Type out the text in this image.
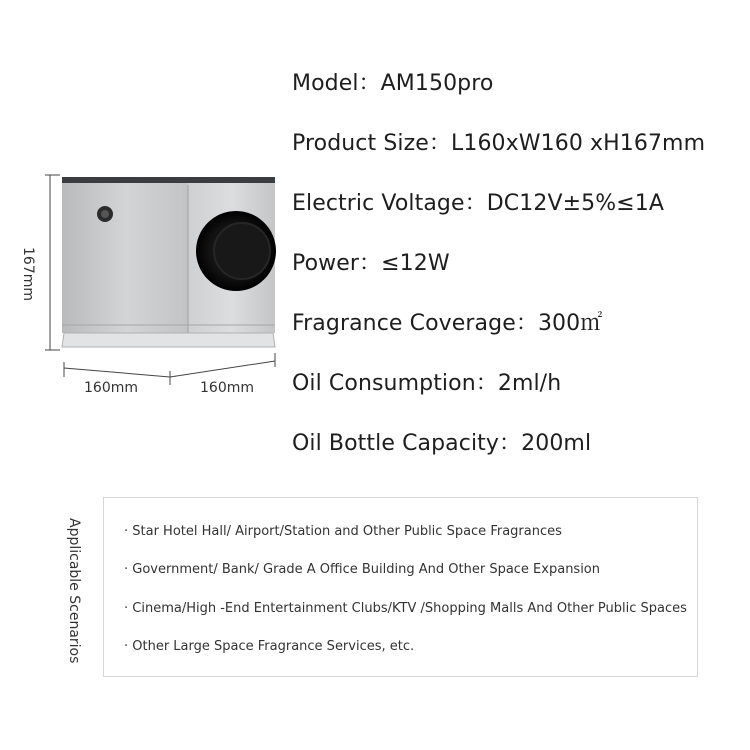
167mm
160mm	160mm
Model：AM150pro
Product Size：L160xW160 xH167mm
Electric Voltage：DC12V±5%≤1A
Power：≤12W
Fragrance Coverage：300㎡
Oil Consumption：2ml/h
Oil Bottle Capacity：200ml
Applicable Scenarios	· Star Hotel Hall/ Airport/Station and Other Public Space Fragrances
· Government/ Bank/ Grade A Office Building And Other Space Expansion
· Cinema/High -End Entertainment Clubs/KTV /Shopping Malls And Other Public Spaces
· Other Large Space Fragrance Services, etc.
